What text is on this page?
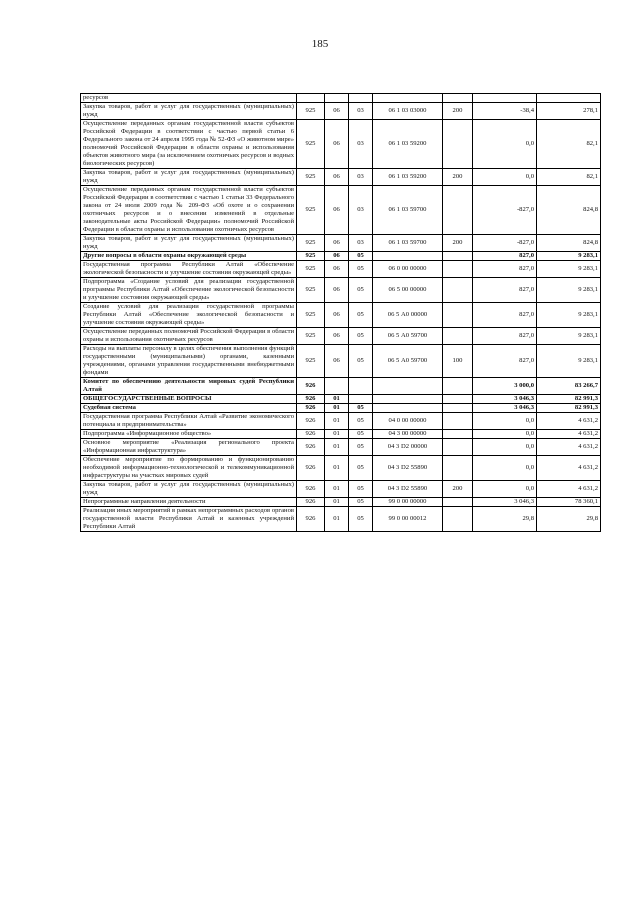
185
ресурсов							
Закупка товаров, работ и услуг для государственных (муниципальных) нужд	925	06	03	06 1 03 03000	200	-38,4	278,1
Осуществление переданных органам государственной власти субъектов Российской Федерации в соответствии с частью первой статьи 6 Федерального закона от 24 апреля 1995 года № 52-ФЗ «О животном мире» полномочий Российской Федерации в области охраны и использования объектов животного мира (за исключением охотничьих ресурсов и водных биологических ресурсов)	925	06	03	06 1 03 59200		0,0	82,1
Закупка товаров, работ и услуг для государственных (муниципальных) нужд	925	06	03	06 1 03 59200	200	0,0	82,1
Осуществление переданных органам государственной власти субъектов Российской Федерации в соответствии с частью 1 статьи 33 Федерального закона от 24 июля 2009 года № 209-ФЗ «Об охоте и о сохранении охотничьих ресурсов и о внесении изменений в отдельные законодательные акты Российской Федерации» полномочий Российской Федерации в области охраны и использования охотничьих ресурсов	925	06	03	06 1 03 59700		-827,0	824,8
Закупка товаров, работ и услуг для государственных (муниципальных) нужд	925	06	03	06 1 03 59700	200	-827,0	824,8
Другие вопросы в области охраны окружающей среды	925	06	05			827,0	9 283,1
Государственная программа Республики Алтай «Обеспечение экологической безопасности и улучшение состояния окружающей среды»	925	06	05	06 0 00 00000		827,0	9 283,1
Подпрограмма «Создание условий для реализации государственной программы Республики Алтай «Обеспечение экологической безопасности и улучшение состояния окружающей среды»	925	06	05	06 5 00 00000		827,0	9 283,1
Создание условий для реализации государственной программы Республики Алтай «Обеспечение экологической безопасности и улучшение состояния окружающей среды»	925	06	05	06 5 А0 00000		827,0	9 283,1
Осуществление переданных полномочий Российской Федерации в области охраны и использования охотничьих ресурсов	925	06	05	06 5 А0 59700		827,0	9 283,1
Расходы на выплаты персоналу в целях обеспечения выполнения функций государственными (муниципальными) органами, казенными учреждениями, органами управления государственными внебюджетными фондами	925	06	05	06 5 А0 59700	100	827,0	9 283,1
Комитет по обеспечению деятельности мировых судей Республики Алтай	926					3 000,0	83 266,7
ОБЩЕГОСУДАРСТВЕННЫЕ ВОПРОСЫ	926	01				3 046,3	82 991,3
Судебная система	926	01	05			3 046,3	82 991,3
Государственная программа Республики Алтай «Развитие экономического потенциала и предпринимательства»	926	01	05	04 0 00 00000		0,0	4 631,2
Подпрограмма «Информационное общество»	926	01	05	04 3 00 00000		0,0	4 631,2
Основное мероприятие «Реализация регионального проекта «Информационная инфраструктура»	926	01	05	04 3 D2 00000		0,0	4 631,2
Обеспечение мероприятие по формированию и функционированию необходимой информационно-технологической и телекоммуникационной инфраструктуры на участках мировых судей	926	01	05	04 3 D2 55890		0,0	4 631,2
Закупка товаров, работ и услуг для государственных (муниципальных) нужд	926	01	05	04 3 D2 55890	200	0,0	4 631,2
Непрограммные направления деятельности	926	01	05	99 0 00 00000		3 046,3	78 360,1
Реализация иных мероприятий в рамках непрограммных расходов органов государственной власти Республики Алтай и казенных учреждений Республики Алтай	926	01	05	99 0 00 00012		29,8	29,8
